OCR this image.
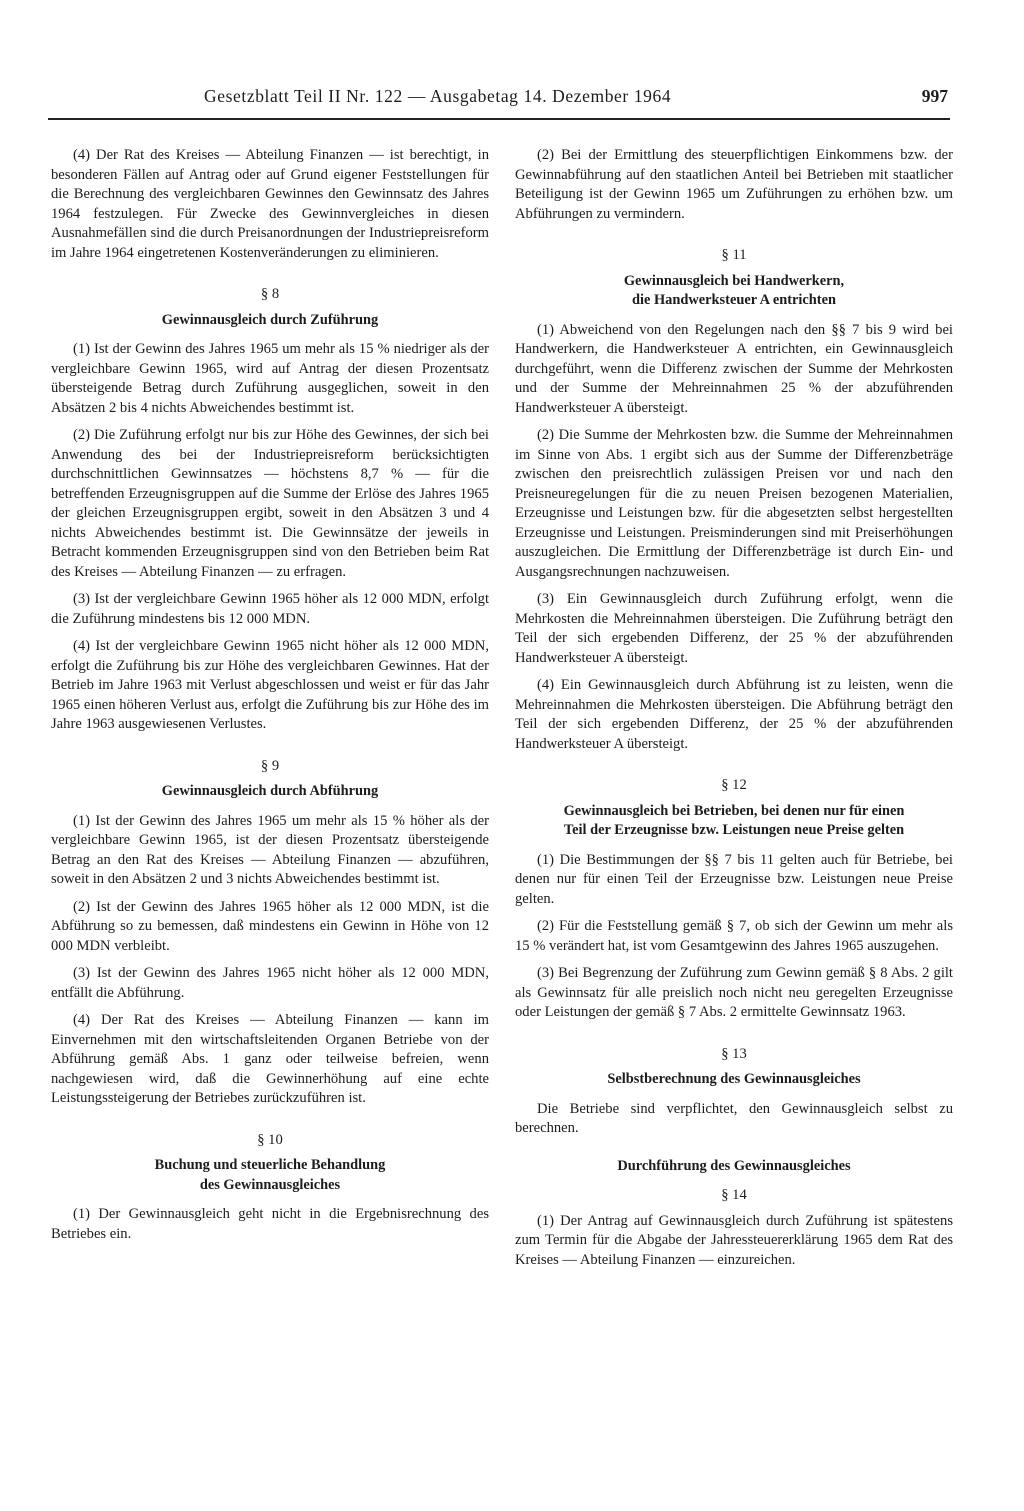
Gesetzblatt Teil II Nr. 122 — Ausgabetag 14. Dezember 1964	997

(4) Der Rat des Kreises — Abteilung Finanzen — ist berechtigt, in besonderen Fällen auf Antrag oder auf Grund eigener Feststellungen für die Berechnung des vergleichbaren Gewinnes den Gewinnsatz des Jahres 1964 festzulegen. Für Zwecke des Gewinnvergleiches in diesen Ausnahmefällen sind die durch Preisanordnungen der Industriepreisreform im Jahre 1964 eingetretenen Kostenveränderungen zu eliminieren.

§ 8
Gewinnausgleich durch Zuführung

(1) Ist der Gewinn des Jahres 1965 um mehr als 15 % niedriger als der vergleichbare Gewinn 1965, wird auf Antrag der diesen Prozentsatz übersteigende Betrag durch Zuführung ausgeglichen, soweit in den Absätzen 2 bis 4 nichts Abweichendes bestimmt ist.

(2) Die Zuführung erfolgt nur bis zur Höhe des Gewinnes, der sich bei Anwendung des bei der Industriepreisreform berücksichtigten durchschnittlichen Gewinnsatzes — höchstens 8,7 % — für die betreffenden Erzeugnisgruppen auf die Summe der Erlöse des Jahres 1965 der gleichen Erzeugnisgruppen ergibt, soweit in den Absätzen 3 und 4 nichts Abweichendes bestimmt ist. Die Gewinnsätze der jeweils in Betracht kommenden Erzeugnisgruppen sind von den Betrieben beim Rat des Kreises — Abteilung Finanzen — zu erfragen.

(3) Ist der vergleichbare Gewinn 1965 höher als 12 000 MDN, erfolgt die Zuführung mindestens bis 12 000 MDN.

(4) Ist der vergleichbare Gewinn 1965 nicht höher als 12 000 MDN, erfolgt die Zuführung bis zur Höhe des vergleichbaren Gewinnes. Hat der Betrieb im Jahre 1963 mit Verlust abgeschlossen und weist er für das Jahr 1965 einen höheren Verlust aus, erfolgt die Zuführung bis zur Höhe des im Jahre 1963 ausgewiesenen Verlustes.

§ 9
Gewinnausgleich durch Abführung

(1) Ist der Gewinn des Jahres 1965 um mehr als 15 % höher als der vergleichbare Gewinn 1965, ist der diesen Prozentsatz übersteigende Betrag an den Rat des Kreises — Abteilung Finanzen — abzuführen, soweit in den Absätzen 2 und 3 nichts Abweichendes bestimmt ist.

(2) Ist der Gewinn des Jahres 1965 höher als 12 000 MDN, ist die Abführung so zu bemessen, daß mindestens ein Gewinn in Höhe von 12 000 MDN verbleibt.

(3) Ist der Gewinn des Jahres 1965 nicht höher als 12 000 MDN, entfällt die Abführung.

(4) Der Rat des Kreises — Abteilung Finanzen — kann im Einvernehmen mit den wirtschaftsleitenden Organen Betriebe von der Abführung gemäß Abs. 1 ganz oder teilweise befreien, wenn nachgewiesen wird, daß die Gewinnerhöhung auf eine echte Leistungssteigerung der Betriebes zurückzuführen ist.

§ 10
Buchung und steuerliche Behandlung
des Gewinnausgleiches

(1) Der Gewinnausgleich geht nicht in die Ergebnisrechnung des Betriebes ein.

(2) Bei der Ermittlung des steuerpflichtigen Einkommens bzw. der Gewinnabführung auf den staatlichen Anteil bei Betrieben mit staatlicher Beteiligung ist der Gewinn 1965 um Zuführungen zu erhöhen bzw. um Abführungen zu vermindern.

§ 11
Gewinnausgleich bei Handwerkern,
die Handwerksteuer A entrichten

(1) Abweichend von den Regelungen nach den §§ 7 bis 9 wird bei Handwerkern, die Handwerksteuer A entrichten, ein Gewinnausgleich durchgeführt, wenn die Differenz zwischen der Summe der Mehrkosten und der Summe der Mehreinnahmen 25 % der abzuführenden Handwerksteuer A übersteigt.

(2) Die Summe der Mehrkosten bzw. die Summe der Mehreinnahmen im Sinne von Abs. 1 ergibt sich aus der Summe der Differenzbeträge zwischen den preisrechtlich zulässigen Preisen vor und nach den Preisneuregelungen für die zu neuen Preisen bezogenen Materialien, Erzeugnisse und Leistungen bzw. für die abgesetzten selbst hergestellten Erzeugnisse und Leistungen. Preisminderungen sind mit Preiserhöhungen auszugleichen. Die Ermittlung der Differenzbeträge ist durch Ein- und Ausgangsrechnungen nachzuweisen.

(3) Ein Gewinnausgleich durch Zuführung erfolgt, wenn die Mehrkosten die Mehreinnahmen übersteigen. Die Zuführung beträgt den Teil der sich ergebenden Differenz, der 25 % der abzuführenden Handwerksteuer A übersteigt.

(4) Ein Gewinnausgleich durch Abführung ist zu leisten, wenn die Mehreinnahmen die Mehrkosten übersteigen. Die Abführung beträgt den Teil der sich ergebenden Differenz, der 25 % der abzuführenden Handwerksteuer A übersteigt.

§ 12
Gewinnausgleich bei Betrieben, bei denen nur für einen
Teil der Erzeugnisse bzw. Leistungen neue Preise gelten

(1) Die Bestimmungen der §§ 7 bis 11 gelten auch für Betriebe, bei denen nur für einen Teil der Erzeugnisse bzw. Leistungen neue Preise gelten.

(2) Für die Feststellung gemäß § 7, ob sich der Gewinn um mehr als 15 % verändert hat, ist vom Gesamtgewinn des Jahres 1965 auszugehen.

(3) Bei Begrenzung der Zuführung zum Gewinn gemäß § 8 Abs. 2 gilt als Gewinnsatz für alle preislich noch nicht neu geregelten Erzeugnisse oder Leistungen der gemäß § 7 Abs. 2 ermittelte Gewinnsatz 1963.

§ 13
Selbstberechnung des Gewinnausgleiches

Die Betriebe sind verpflichtet, den Gewinnausgleich selbst zu berechnen.

Durchführung des Gewinnausgleiches
§ 14

(1) Der Antrag auf Gewinnausgleich durch Zuführung ist spätestens zum Termin für die Abgabe der Jahressteuererklärung 1965 dem Rat des Kreises — Abteilung Finanzen — einzureichen.
